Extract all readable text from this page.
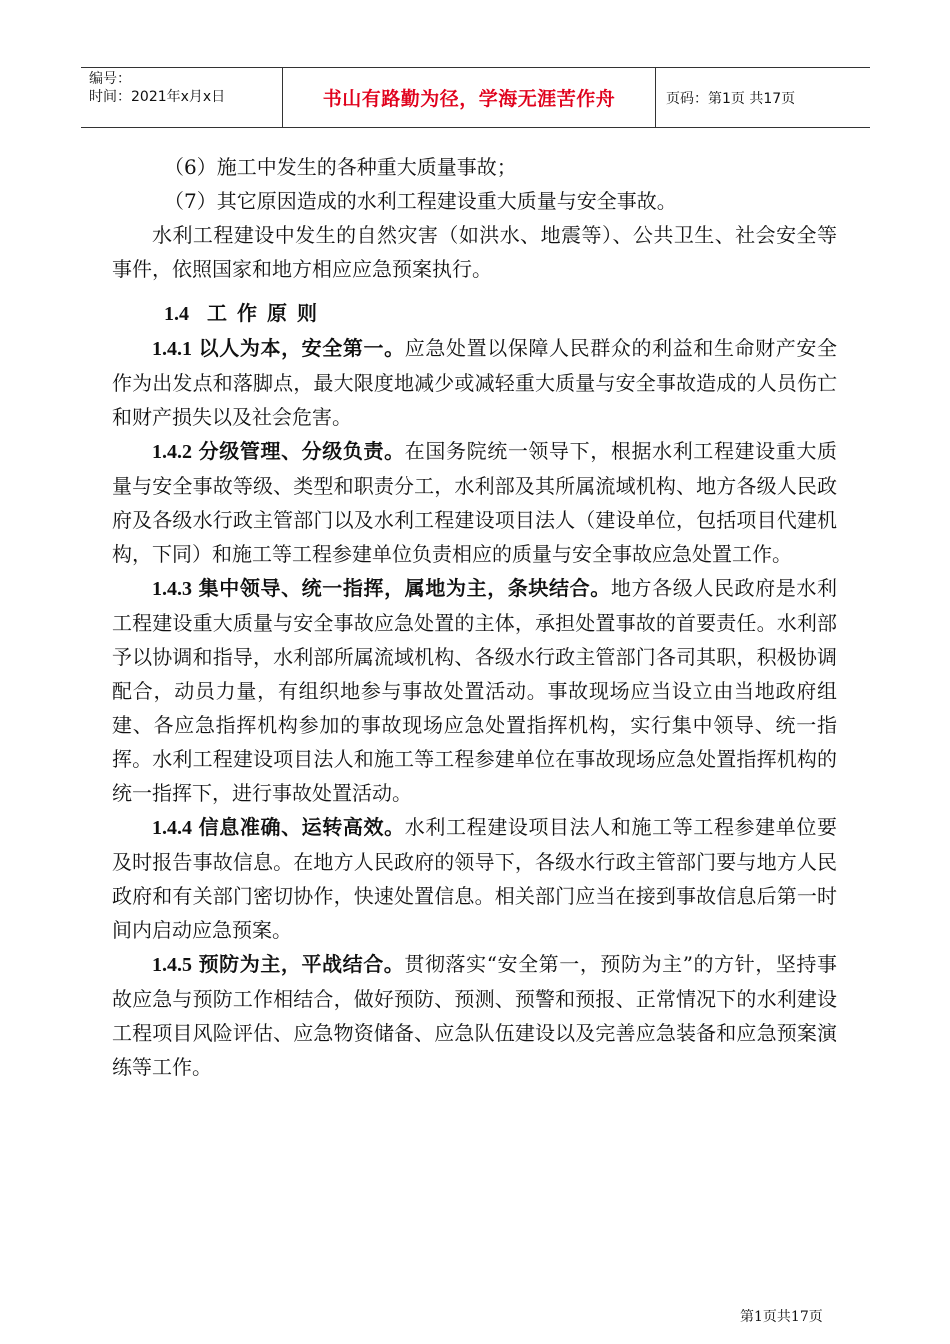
编号：
时间：2021年x月x日	书山有路勤为径，学海无涯苦作舟	页码：第1页 共17页

（6）施工中发生的各种重大质量事故；

（7）其它原因造成的水利工程建设重大质量与安全事故。

水利工程建设中发生的自然灾害（如洪水、地震等）、公共卫生、社会安全等事件，依照国家和地方相应应急预案执行。

1.4 工作原则

1.4.1 以人为本，安全第一。应急处置以保障人民群众的利益和生命财产安全作为出发点和落脚点，最大限度地减少或减轻重大质量与安全事故造成的人员伤亡和财产损失以及社会危害。

1.4.2 分级管理、分级负责。在国务院统一领导下，根据水利工程建设重大质量与安全事故等级、类型和职责分工，水利部及其所属流域机构、地方各级人民政府及各级水行政主管部门以及水利工程建设项目法人（建设单位，包括项目代建机构，下同）和施工等工程参建单位负责相应的质量与安全事故应急处置工作。

1.4.3 集中领导、统一指挥，属地为主，条块结合。地方各级人民政府是水利工程建设重大质量与安全事故应急处置的主体，承担处置事故的首要责任。水利部予以协调和指导，水利部所属流域机构、各级水行政主管部门各司其职，积极协调配合，动员力量，有组织地参与事故处置活动。事故现场应当设立由当地政府组建、各应急指挥机构参加的事故现场应急处置指挥机构，实行集中领导、统一指挥。水利工程建设项目法人和施工等工程参建单位在事故现场应急处置指挥机构的统一指挥下，进行事故处置活动。

1.4.4 信息准确、运转高效。水利工程建设项目法人和施工等工程参建单位要及时报告事故信息。在地方人民政府的领导下，各级水行政主管部门要与地方人民政府和有关部门密切协作，快速处置信息。相关部门应当在接到事故信息后第一时间内启动应急预案。

1.4.5 预防为主，平战结合。贯彻落实“安全第一，预防为主”的方针，坚持事故应急与预防工作相结合，做好预防、预测、预警和预报、正常情况下的水利建设工程项目风险评估、应急物资储备、应急队伍建设以及完善应急装备和应急预案演练等工作。

第1页共17页
